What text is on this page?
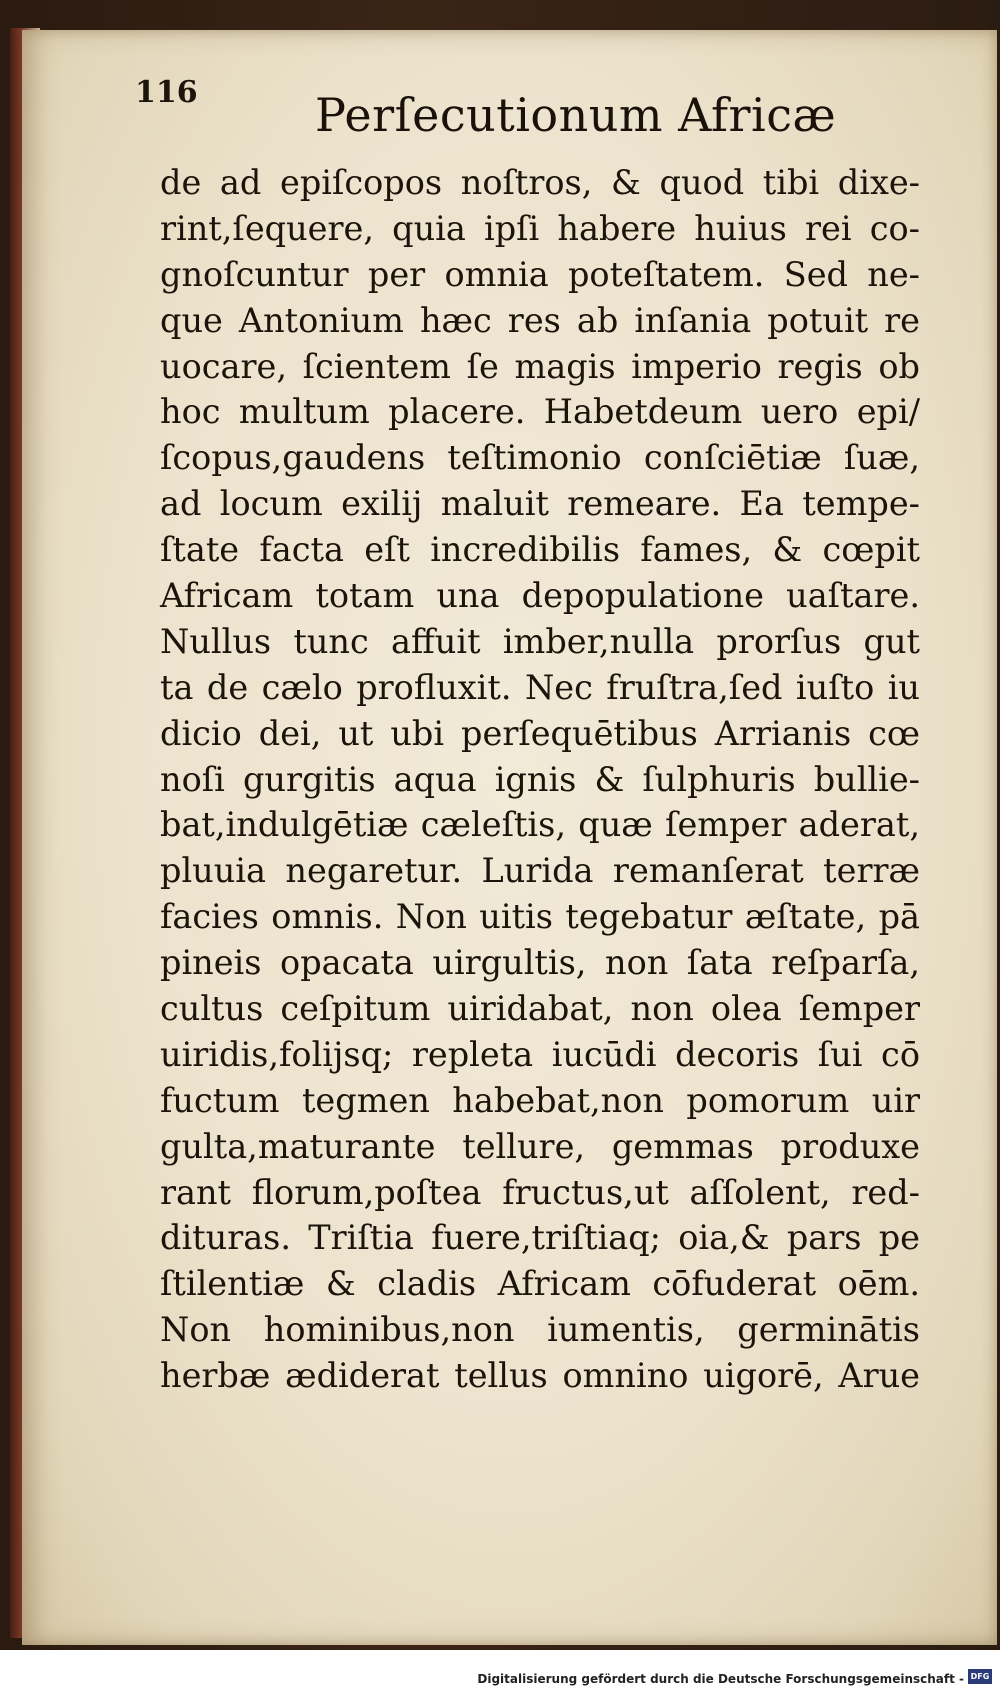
116	Perſecutionum Africæ
de ad epiſcopos noſtros, & quod tibi dixe-
rint,ſequere, quia ipſi habere huius rei co-
gnoſcuntur per omnia poteſtatem. Sed ne-
que Antonium hæc res ab inſania potuit re
uocare, ſcientem ſe magis imperio regis ob
hoc multum placere. Habetdeum uero epi/
ſcopus,gaudens teſtimonio conſciētiæ ſuæ,
ad locum exilij maluit remeare. Ea tempe-
ſtate facta eſt incredibilis fames, & cœpit
Africam totam una depopulatione uaſtare.
Nullus tunc affuit imber,nulla prorſus gut
ta de cælo profluxit. Nec fruſtra,ſed iuſto iu
dicio dei, ut ubi perſequētibus Arrianis cœ
noſi gurgitis aqua ignis & ſulphuris bullie-
bat,indulgētiæ cæleſtis, quæ ſemper aderat,
pluuia negaretur. Lurida remanſerat terræ
facies omnis. Non uitis tegebatur æſtate, pā
pineis opacata uirgultis, non ſata reſparſa,
cultus ceſpitum uiridabat, non olea ſemper
uiridis,folijsq; repleta iucūdi decoris ſui cō
fuctum tegmen habebat,non pomorum uir
gulta,maturante tellure, gemmas produxe
rant florum,poſtea fructus,ut aſſolent, red-
dituras. Triſtia fuere,triſtiaq; oia,& pars pe
ſtilentiæ & cladis Africam cōfuderat oēm.
Non hominibus,non iumentis, germinātis
herbæ ædiderat tellus omnino uigorē, Arue
Digitalisierung gefördert durch die Deutsche Forschungsgemeinschaft - DFG
